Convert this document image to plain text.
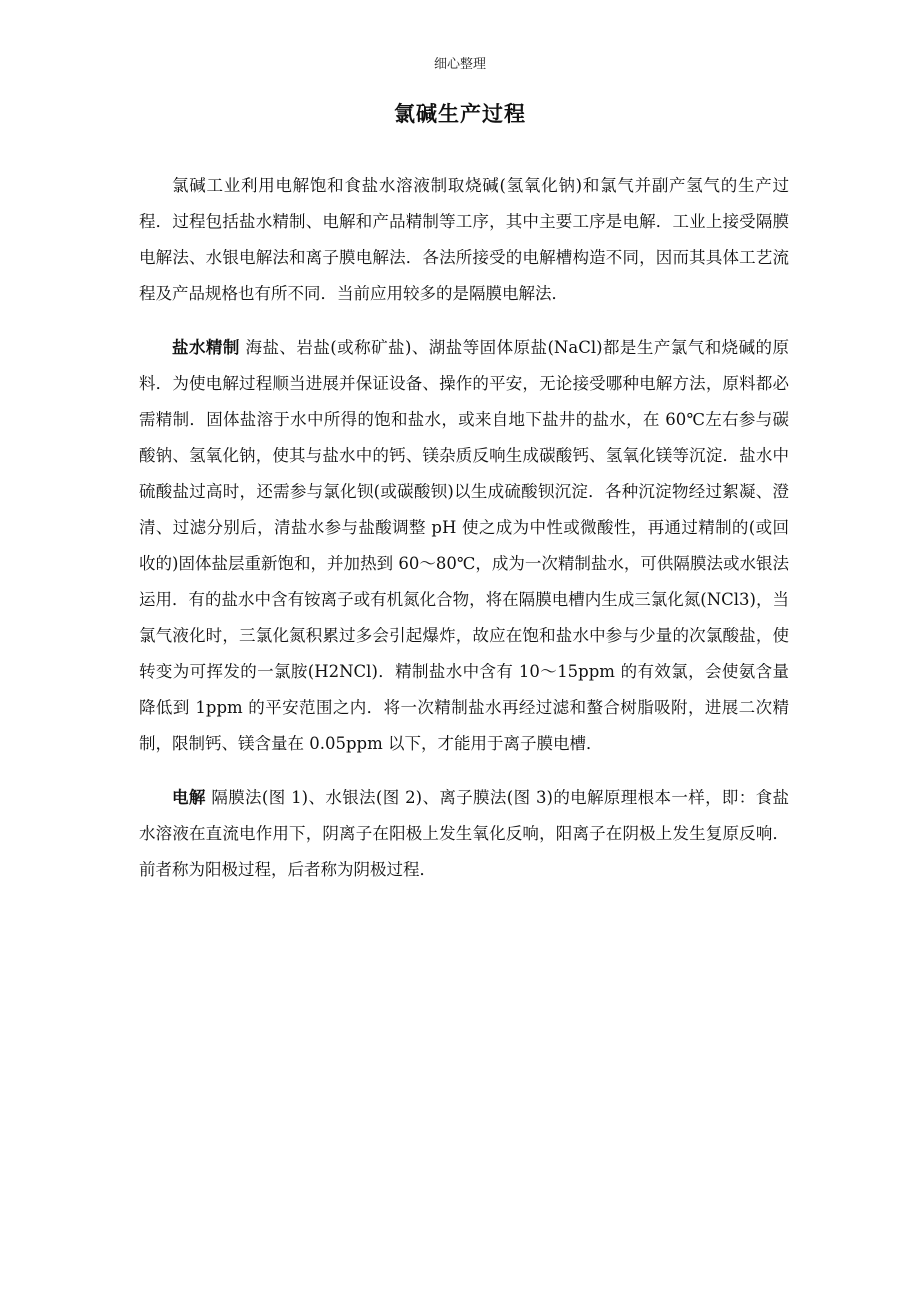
细心整理
氯碱生产过程

氯碱工业利用电解饱和食盐水溶液制取烧碱(氢氧化钠)和氯气并副产氢气的生产过程．过程包括盐水精制、电解和产品精制等工序，其中主要工序是电解．工业上接受隔膜电解法、水银电解法和离子膜电解法．各法所接受的电解槽构造不同，因而其具体工艺流程及产品规格也有所不同．当前应用较多的是隔膜电解法．

盐水精制 海盐、岩盐(或称矿盐)、湖盐等固体原盐(NaCl)都是生产氯气和烧碱的原料．为使电解过程顺当进展并保证设备、操作的平安，无论接受哪种电解方法，原料都必需精制．固体盐溶于水中所得的饱和盐水，或来自地下盐井的盐水，在 60℃左右参与碳酸钠、氢氧化钠，使其与盐水中的钙、镁杂质反响生成碳酸钙、氢氧化镁等沉淀．盐水中硫酸盐过高时，还需参与氯化钡(或碳酸钡)以生成硫酸钡沉淀．各种沉淀物经过絮凝、澄清、过滤分别后，清盐水参与盐酸调整 pH 使之成为中性或微酸性，再通过精制的(或回收的)固体盐层重新饱和，并加热到 60～80℃，成为一次精制盐水，可供隔膜法或水银法运用．有的盐水中含有铵离子或有机氮化合物，将在隔膜电槽内生成三氯化氮(NCl3)，当氯气液化时，三氯化氮积累过多会引起爆炸，故应在饱和盐水中参与少量的次氯酸盐，使转变为可挥发的一氯胺(H2NCl)．精制盐水中含有 10～15ppm 的有效氯，会使氨含量降低到 1ppm 的平安范围之内．将一次精制盐水再经过滤和螯合树脂吸附，进展二次精制，限制钙、镁含量在 0.05ppm 以下，才能用于离子膜电槽．

电解 隔膜法(图 1)、水银法(图 2)、离子膜法(图 3)的电解原理根本一样，即：食盐水溶液在直流电作用下，阴离子在阳极上发生氧化反响，阳离子在阴极上发生复原反响．前者称为阳极过程，后者称为阴极过程．
